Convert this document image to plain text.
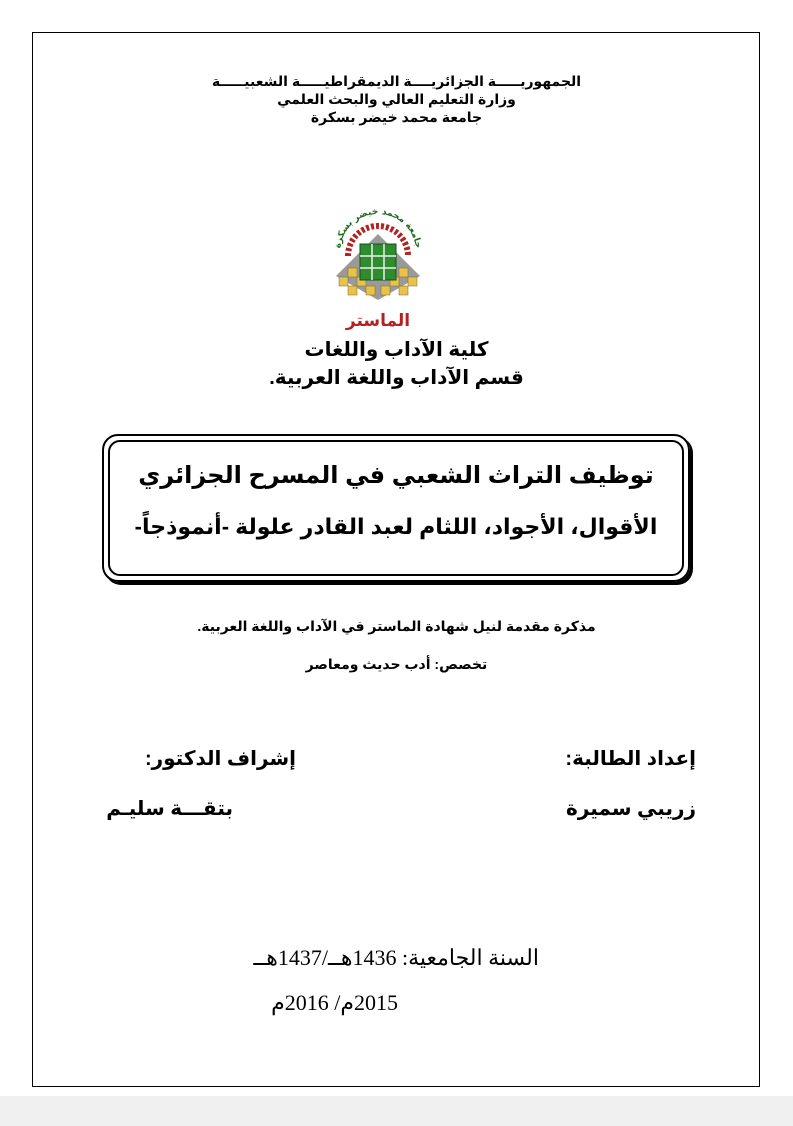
الجمهوريـــــة الجزائريــــة الديمقراطيـــــة الشعبيـــــة
وزارة التعليم العالي والبحث العلمي
جامعة محمد خيضر بسكرة
جامعة محمد خيضر بسكرة
الماستر
كلية الآداب واللغات
قسم الآداب واللغة العربية.
توظيف التراث الشعبي في المسرح الجزائري
الأقوال، الأجواد، اللثام لعبد القادر علولة -أنموذجاً-
مذكرة مقدمة لنيل شهادة الماستر في الآداب واللغة العربية.
تخصص: أدب حديث ومعاصر
إعداد الطالبة:
زريبي سميرة
إشراف الدكتور:
بتقـــة سليـم
السنة الجامعية: 1436هــ/1437هــ
2015م/ 2016م
